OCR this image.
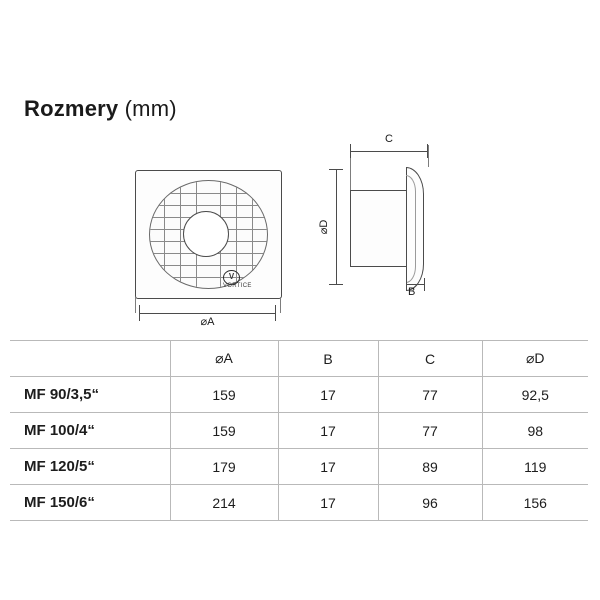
Rozmery (mm)
V
VORTICE
⌀A
C
⌀D
B
	⌀A	B	C	⌀D
MF 90/3,5“	159	17	77	92,5
MF 100/4“	159	17	77	98
MF 120/5“	179	17	89	119
MF 150/6“	214	17	96	156
